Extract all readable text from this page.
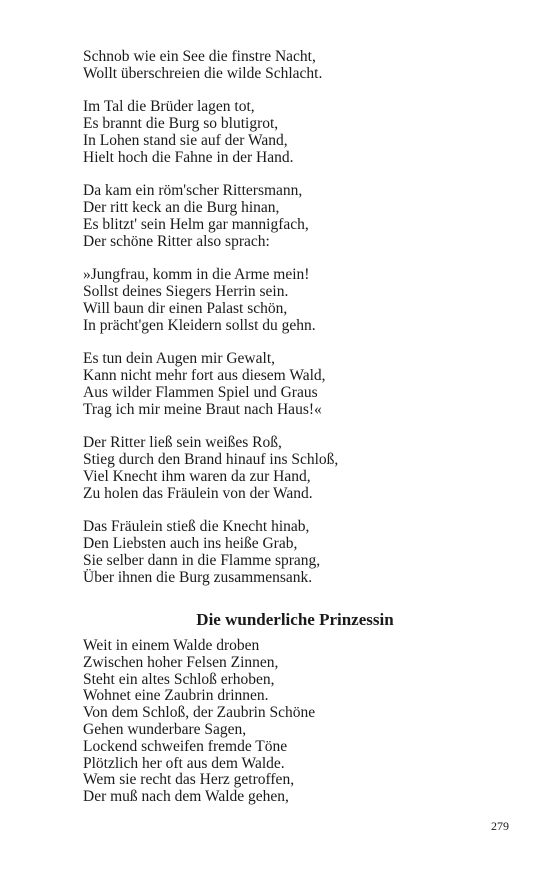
Schnob wie ein See die finstre Nacht,
Wollt überschreien die wilde Schlacht.
Im Tal die Brüder lagen tot,
Es brannt die Burg so blutigrot,
In Lohen stand sie auf der Wand,
Hielt hoch die Fahne in der Hand.
Da kam ein röm'scher Rittersmann,
Der ritt keck an die Burg hinan,
Es blitzt' sein Helm gar mannigfach,
Der schöne Ritter also sprach:
»Jungfrau, komm in die Arme mein!
Sollst deines Siegers Herrin sein.
Will baun dir einen Palast schön,
In prächt'gen Kleidern sollst du gehn.
Es tun dein Augen mir Gewalt,
Kann nicht mehr fort aus diesem Wald,
Aus wilder Flammen Spiel und Graus
Trag ich mir meine Braut nach Haus!«
Der Ritter ließ sein weißes Roß,
Stieg durch den Brand hinauf ins Schloß,
Viel Knecht ihm waren da zur Hand,
Zu holen das Fräulein von der Wand.
Das Fräulein stieß die Knecht hinab,
Den Liebsten auch ins heiße Grab,
Sie selber dann in die Flamme sprang,
Über ihnen die Burg zusammensank.
Die wunderliche Prinzessin
Weit in einem Walde droben
Zwischen hoher Felsen Zinnen,
Steht ein altes Schloß erhoben,
Wohnet eine Zaubrin drinnen.
Von dem Schloß, der Zaubrin Schöne
Gehen wunderbare Sagen,
Lockend schweifen fremde Töne
Plötzlich her oft aus dem Walde.
Wem sie recht das Herz getroffen,
Der muß nach dem Walde gehen,
279
